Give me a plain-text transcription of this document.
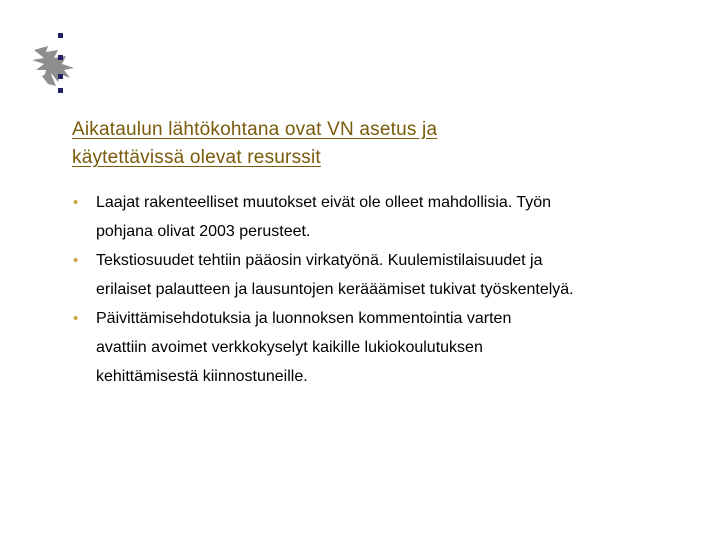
Aikataulun lähtökohtana ovat VN asetus ja
käytettävissä olevat resurssit
• Laajat rakenteelliset muutokset eivät ole olleet mahdollisia. Työn
pohjana olivat 2003 perusteet.
• Tekstiosuudet tehtiin pääosin virkatyönä. Kuulemistilaisuudet ja
erilaiset palautteen ja lausuntojen kerääämiset tukivat työskentelyä.
• Päivittämisehdotuksia ja luonnoksen kommentointia varten
avattiin avoimet verkkokyselyt kaikille lukiokoulutuksen
kehittämisestä kiinnostuneille.
